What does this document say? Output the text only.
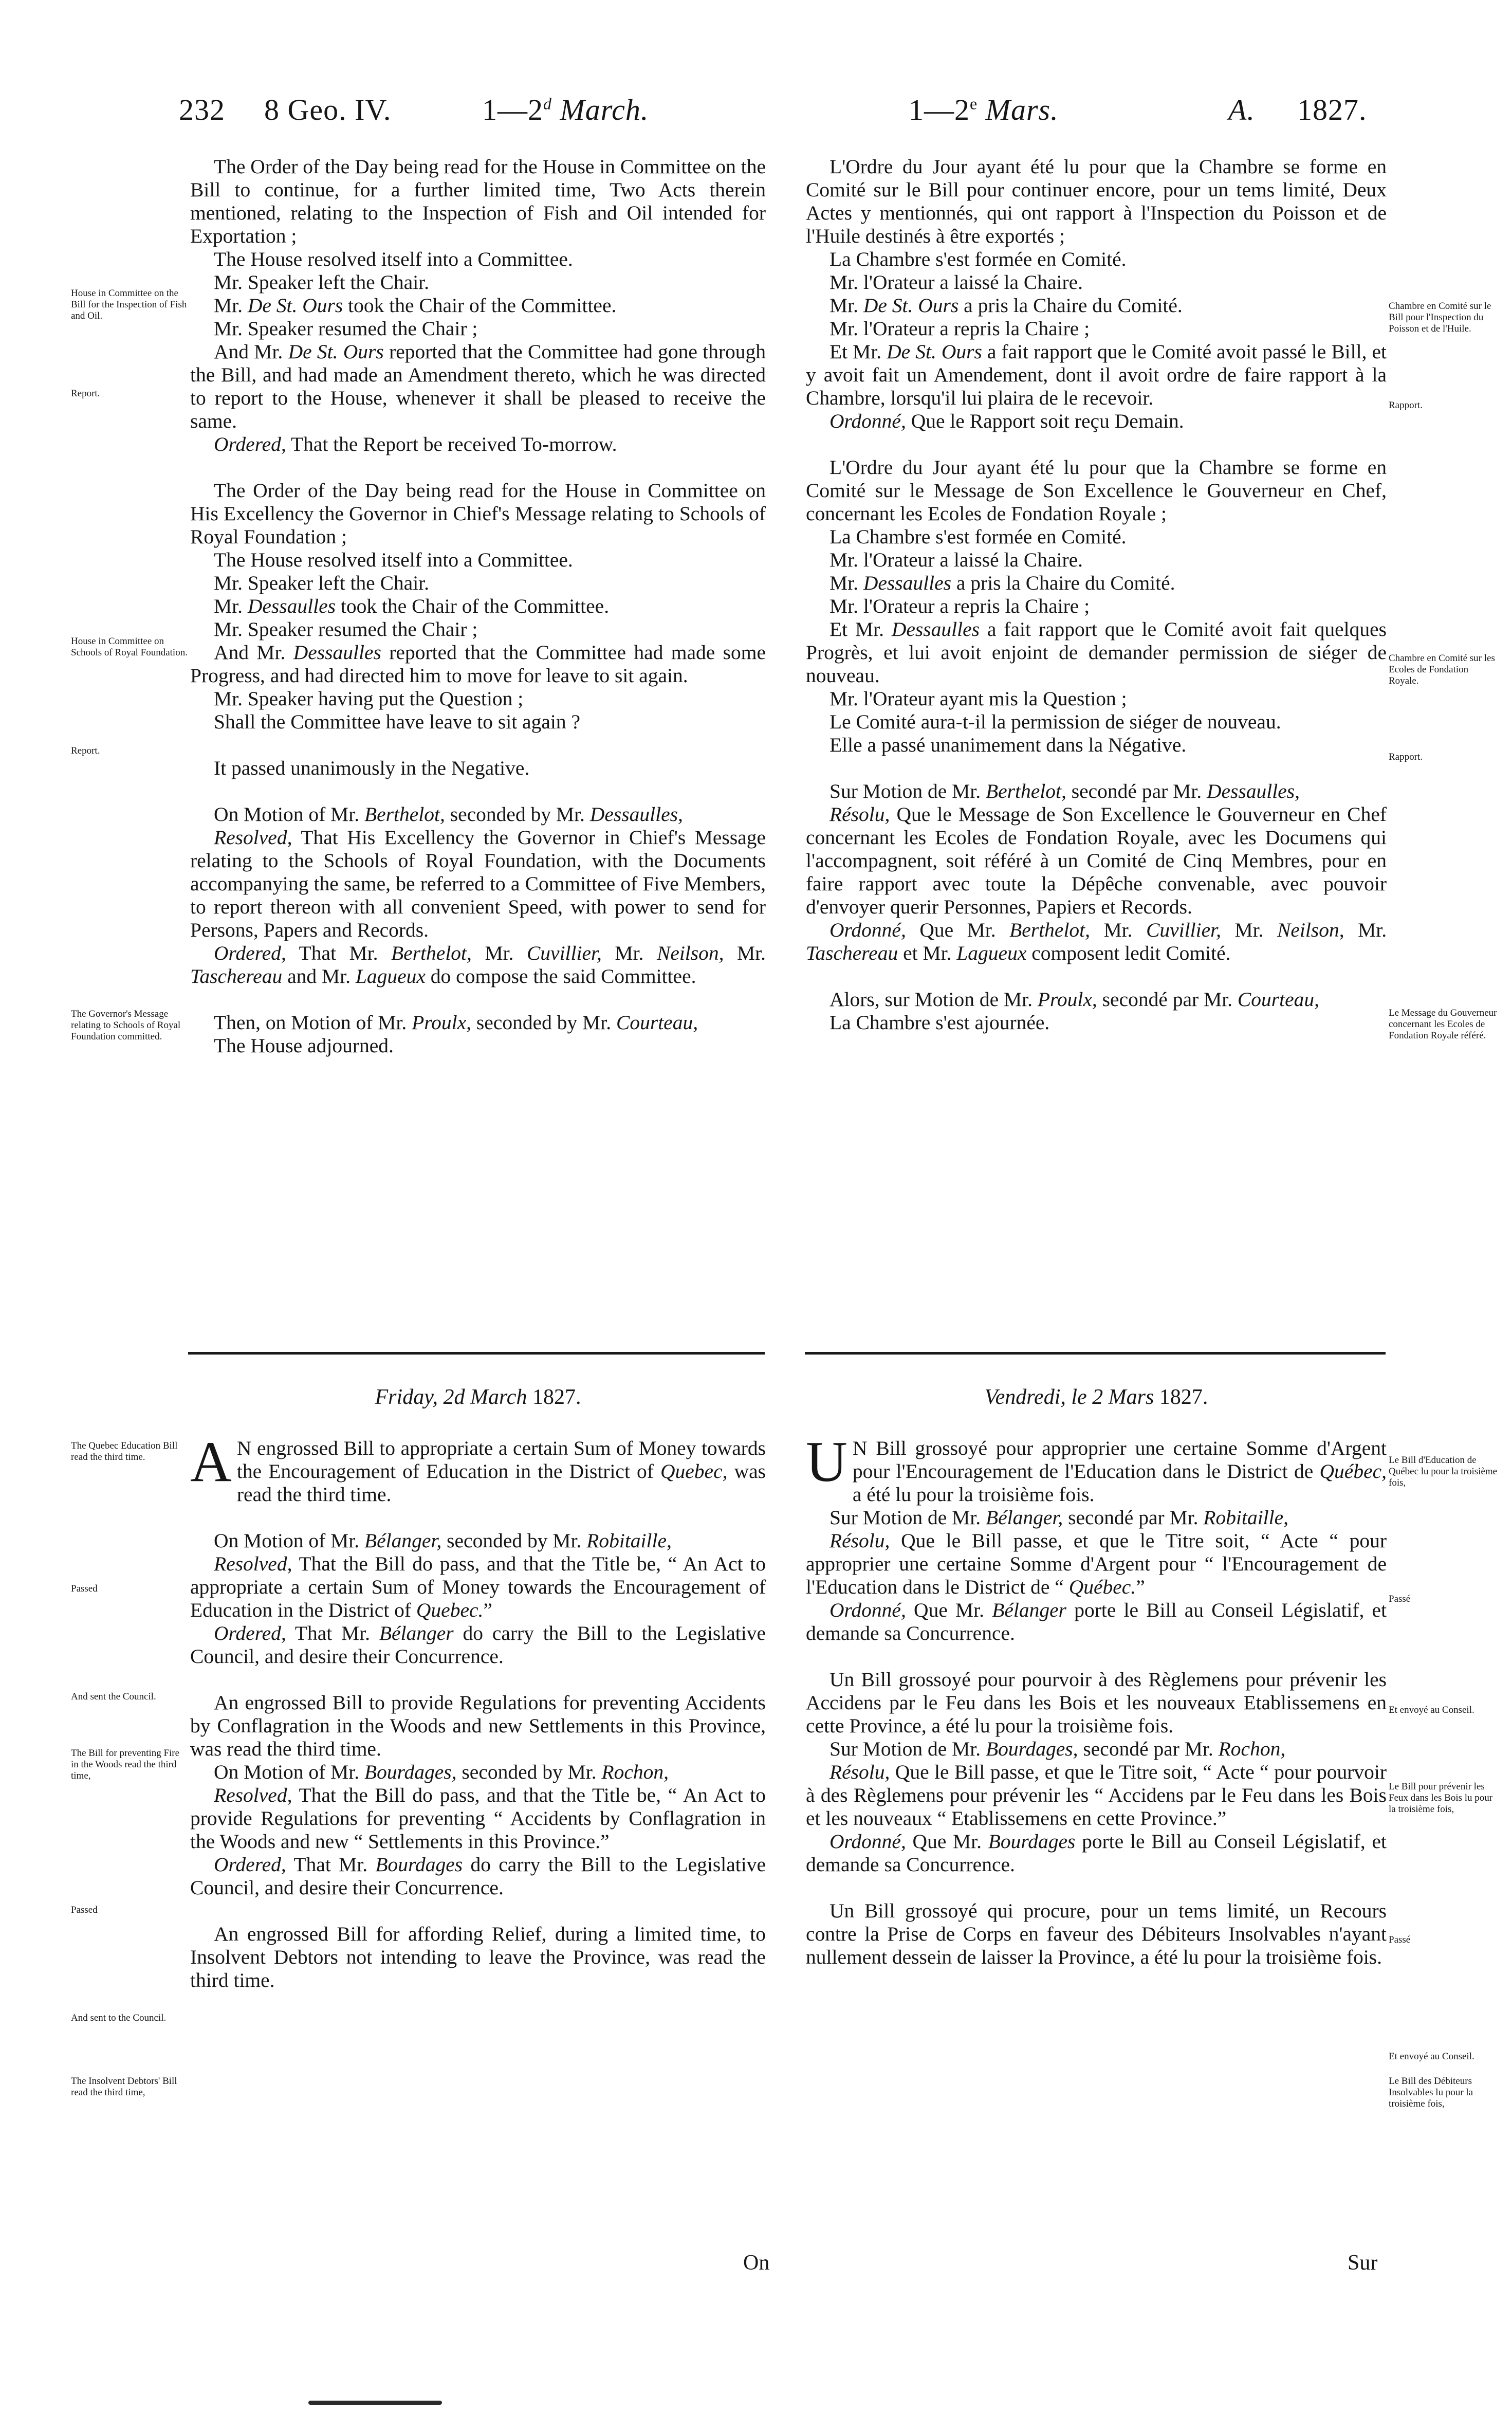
232 8 Geo. IV.	1—2$^d$ March.	1—2e Mars.	A. 1827.
House in Committee on the Bill for the Inspection of Fish and Oil.
Report.
House in Committee on Schools of Royal Foundation.
Report.
The Governor's Message relating to Schools of Royal Foundation committed.
The Quebec Education Bill read the third time.
Passed
And sent the Council.
The Bill for preventing Fire in the Woods read the third time,
Passed
And sent to the Council.
The Insolvent Debtors' Bill read the third time,
Chambre en Comité sur le Bill pour l'Inspection du Poisson et de l'Huile.
Rapport.
Chambre en Comité sur les Ecoles de Fondation Royale.
Rapport.
Le Message du Gouverneur concernant les Ecoles de Fondation Royale référé.
Le Bill d'Education de Québec lu pour la troisième fois,
Passé
Et envoyé au Conseil.
Le Bill pour prévenir les Feux dans les Bois lu pour la troisième fois,
Passé
Et envoyé au Conseil.
Le Bill des Débiteurs Insolvables lu pour la troisième fois,

The Order of the Day being read for the House in Committee on the Bill to continue, for a further limited time, Two Acts therein mentioned, relating to the Inspection of Fish and Oil intended for Exportation ;

The House resolved itself into a Committee.

Mr. Speaker left the Chair.

Mr. De St. Ours took the Chair of the Committee.

Mr. Speaker resumed the Chair ;

And Mr. De St. Ours reported that the Committee had gone through the Bill, and had made an Amendment thereto, which he was directed to report to the House, whenever it shall be pleased to receive the same.

Ordered, That the Report be received To-morrow.

The Order of the Day being read for the House in Committee on His Excellency the Governor in Chief's Message relating to Schools of Royal Foundation ;

The House resolved itself into a Committee.

Mr. Speaker left the Chair.

Mr. Dessaulles took the Chair of the Committee.

Mr. Speaker resumed the Chair ;

And Mr. Dessaulles reported that the Committee had made some Progress, and had directed him to move for leave to sit again.

Mr. Speaker having put the Question ;

Shall the Committee have leave to sit again ?

It passed unanimously in the Negative.

On Motion of Mr. Berthelot, seconded by Mr. Dessaulles,

Resolved, That His Excellency the Governor in Chief's Message relating to the Schools of Royal Foundation, with the Documents accompanying the same, be referred to a Committee of Five Members, to report thereon with all convenient Speed, with power to send for Persons, Papers and Records.

Ordered, That Mr. Berthelot, Mr. Cuvillier, Mr. Neilson, Mr. Taschereau and Mr. Lagueux do compose the said Committee.

Then, on Motion of Mr. Proulx, seconded by Mr. Courteau,

The House adjourned.

L'Ordre du Jour ayant été lu pour que la Chambre se forme en Comité sur le Bill pour continuer encore, pour un tems limité, Deux Actes y mentionnés, qui ont rapport à l'Inspection du Poisson et de l'Huile destinés à être exportés ;

La Chambre s'est formée en Comité.

Mr. l'Orateur a laissé la Chaire.

Mr. De St. Ours a pris la Chaire du Comité.

Mr. l'Orateur a repris la Chaire ;

Et Mr. De St. Ours a fait rapport que le Comité avoit passé le Bill, et y avoit fait un Amendement, dont il avoit ordre de faire rapport à la Chambre, lorsqu'il lui plaira de le recevoir.

Ordonné, Que le Rapport soit reçu Demain.

L'Ordre du Jour ayant été lu pour que la Chambre se forme en Comité sur le Message de Son Excellence le Gouverneur en Chef, concernant les Ecoles de Fondation Royale ;

La Chambre s'est formée en Comité.

Mr. l'Orateur a laissé la Chaire.

Mr. Dessaulles a pris la Chaire du Comité.

Mr. l'Orateur a repris la Chaire ;

Et Mr. Dessaulles a fait rapport que le Comité avoit fait quelques Progrès, et lui avoit enjoint de demander permission de siéger de nouveau.

Mr. l'Orateur ayant mis la Question ;

Le Comité aura-t-il la permission de siéger de nouveau.

Elle a passé unanimement dans la Négative.

Sur Motion de Mr. Berthelot, secondé par Mr. Dessaulles,

Résolu, Que le Message de Son Excellence le Gouverneur en Chef concernant les Ecoles de Fondation Royale, avec les Documens qui l'accompagnent, soit référé à un Comité de Cinq Membres, pour en faire rapport avec toute la Dépêche convenable, avec pouvoir d'envoyer querir Personnes, Papiers et Records.

Ordonné, Que Mr. Berthelot, Mr. Cuvillier, Mr. Neilson, Mr. Taschereau et Mr. Lagueux composent ledit Comité.

Alors, sur Motion de Mr. Proulx, secondé par Mr. Courteau,

La Chambre s'est ajournée.

Friday, 2d March 1827.	Vendredi, le 2 Mars 1827.

A N engrossed Bill to appropriate a certain Sum of Money towards the Encouragement of Education in the District of Quebec, was read the third time.

On Motion of Mr. Bélanger, seconded by Mr. Robitaille,

Resolved, That the Bill do pass, and that the Title be, “ An Act to appropriate a certain Sum of Money towards the Encouragement of Education in the District of Quebec.”

Ordered, That Mr. Bélanger do carry the Bill to the Legislative Council, and desire their Concurrence.

An engrossed Bill to provide Regulations for preventing Accidents by Conflagration in the Woods and new Settlements in this Province, was read the third time.

On Motion of Mr. Bourdages, seconded by Mr. Rochon,

Resolved, That the Bill do pass, and that the Title be, “ An Act to provide Regulations for preventing “ Accidents by Conflagration in the Woods and new “ Settlements in this Province.”

Ordered, That Mr. Bourdages do carry the Bill to the Legislative Council, and desire their Concurrence.

An engrossed Bill for affording Relief, during a limited time, to Insolvent Debtors not intending to leave the Province, was read the third time.

U N Bill grossoyé pour approprier une certaine Somme d'Argent pour l'Encouragement de l'Education dans le District de Québec, a été lu pour la troisième fois.

Sur Motion de Mr. Bélanger, secondé par Mr. Robitaille,

Résolu, Que le Bill passe, et que le Titre soit, “ Acte “ pour approprier une certaine Somme d'Argent pour “ l'Encouragement de l'Education dans le District de “ Québec.”

Ordonné, Que Mr. Bélanger porte le Bill au Conseil Législatif, et demande sa Concurrence.

Un Bill grossoyé pour pourvoir à des Règlemens pour prévenir les Accidens par le Feu dans les Bois et les nouveaux Etablissemens en cette Province, a été lu pour la troisième fois.

Sur Motion de Mr. Bourdages, secondé par Mr. Rochon,

Résolu, Que le Bill passe, et que le Titre soit, “ Acte “ pour pourvoir à des Règlemens pour prévenir les “ Accidens par le Feu dans les Bois et les nouveaux “ Etablissemens en cette Province.”

Ordonné, Que Mr. Bourdages porte le Bill au Conseil Législatif, et demande sa Concurrence.

Un Bill grossoyé qui procure, pour un tems limité, un Recours contre la Prise de Corps en faveur des Débiteurs Insolvables n'ayant nullement dessein de laisser la Province, a été lu pour la troisième fois.

On	Sur
